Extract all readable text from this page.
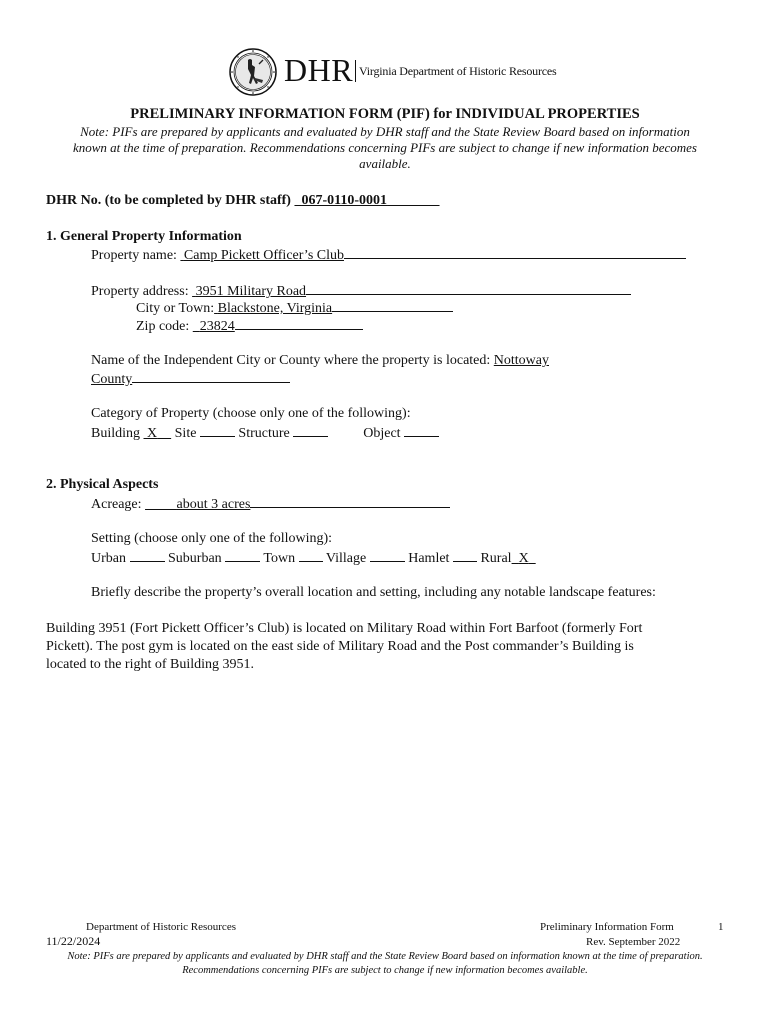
DHR Virginia Department of Historic Resources
PRELIMINARY INFORMATION FORM (PIF) for INDIVIDUAL PROPERTIES
Note: PIFs are prepared by applicants and evaluated by DHR staff and the State Review Board based on information
known at the time of preparation. Recommendations concerning PIFs are subject to change if new information becomes
available.
DHR No. (to be completed by DHR staff) 067-0110-0001
1. General Property Information
Property name: Camp Pickett Officer’s Club
Property address: 3951 Military Road
City or Town: Blackstone, Virginia
Zip code: 23824
Name of the Independent City or County where the property is located: Nottoway
County
Category of Property (choose only one of the following):
Building X Site	Structure	Object
2. Physical Aspects
Acreage:	about 3 acres
Setting (choose only one of the following):
Urban	Suburban	Town Village	Hamlet Rural X
Briefly describe the property’s overall location and setting, including any notable landscape features:
Building 3951 (Fort Pickett Officer’s Club) is located on Military Road within Fort Barfoot (formerly Fort
Pickett). The post gym is located on the east side of Military Road and the Post commander’s Building is
located to the right of Building 3951.
Department of Historic Resources	Preliminary Information Form	1
11/22/2024	Rev. September 2022
Note: PIFs are prepared by applicants and evaluated by DHR staff and the State Review Board based on information known at the time of preparation.
Recommendations concerning PIFs are subject to change if new information becomes available.
